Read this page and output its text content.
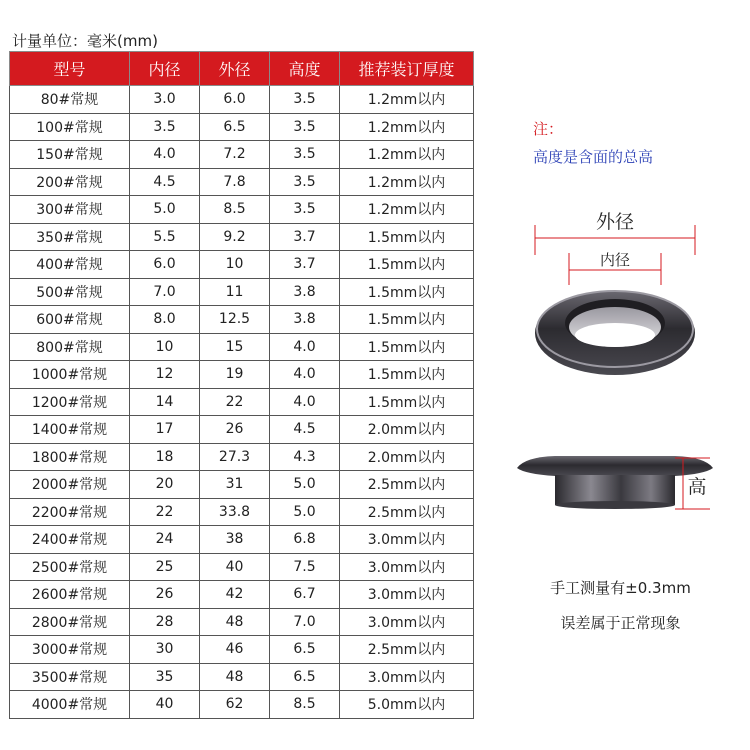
计量单位：毫米(mm)
型号	内径	外径	高度	推荐装订厚度
80#常规	3.0	6.0	3.5	1.2mm以内
100#常规	3.5	6.5	3.5	1.2mm以内
150#常规	4.0	7.2	3.5	1.2mm以内
200#常规	4.5	7.8	3.5	1.2mm以内
300#常规	5.0	8.5	3.5	1.2mm以内
350#常规	5.5	9.2	3.7	1.5mm以内
400#常规	6.0	10	3.7	1.5mm以内
500#常规	7.0	11	3.8	1.5mm以内
600#常规	8.0	12.5	3.8	1.5mm以内
800#常规	10	15	4.0	1.5mm以内
1000#常规	12	19	4.0	1.5mm以内
1200#常规	14	22	4.0	1.5mm以内
1400#常规	17	26	4.5	2.0mm以内
1800#常规	18	27.3	4.3	2.0mm以内
2000#常规	20	31	5.0	2.5mm以内
2200#常规	22	33.8	5.0	2.5mm以内
2400#常规	24	38	6.8	3.0mm以内
2500#常规	25	40	7.5	3.0mm以内
2600#常规	26	42	6.7	3.0mm以内
2800#常规	28	48	7.0	3.0mm以内
3000#常规	30	46	6.5	2.5mm以内
3500#常规	35	48	6.5	3.0mm以内
4000#常规	40	62	8.5	5.0mm以内
注：
高度是含面的总高
外径
内径
高
手工测量有±0.3mm
误差属于正常现象
